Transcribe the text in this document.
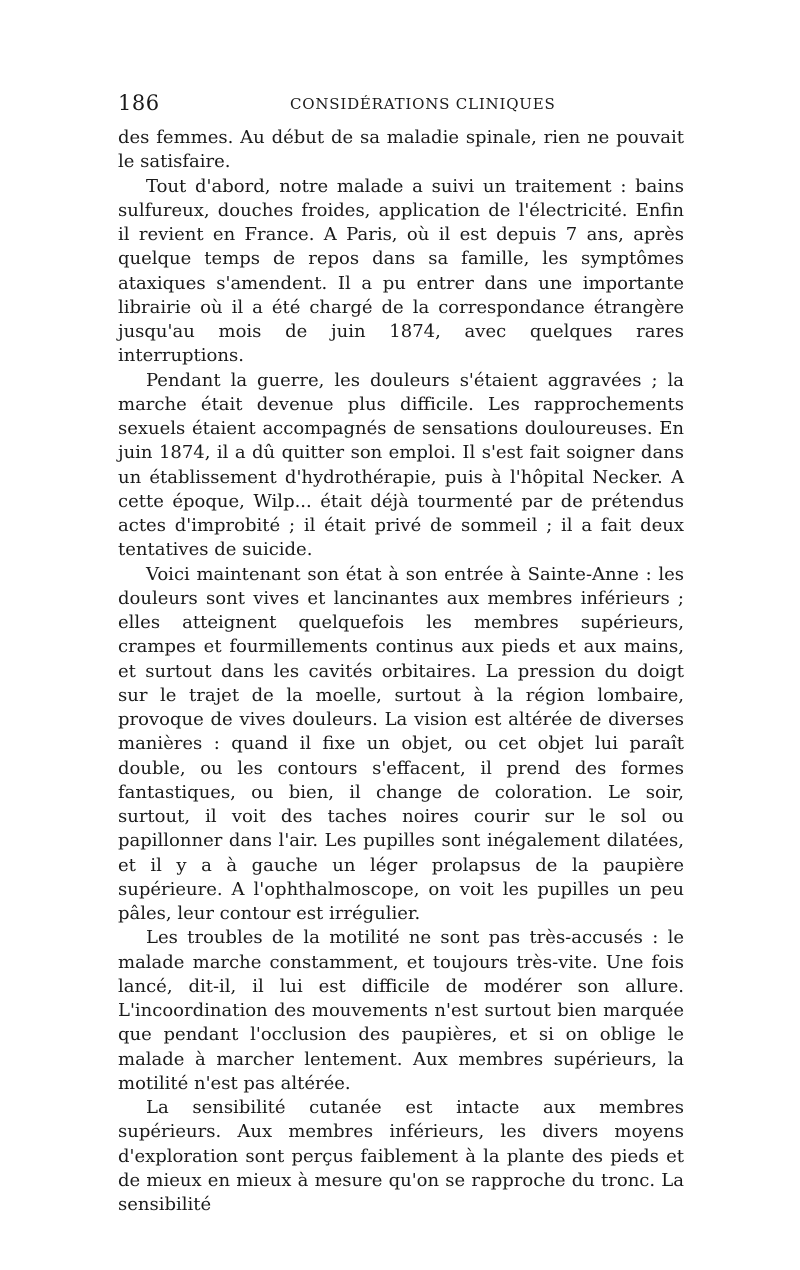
186	CONSIDÉRATIONS CLINIQUES

des femmes. Au début de sa maladie spinale, rien ne pouvait le satisfaire.

Tout d'abord, notre malade a suivi un traitement : bains sulfureux, douches froides, application de l'électricité. Enfin il revient en France. A Paris, où il est depuis 7 ans, après quelque temps de repos dans sa famille, les symptômes ataxiques s'amendent. Il a pu entrer dans une importante librairie où il a été chargé de la correspondance étrangère jusqu'au mois de juin 1874, avec quelques rares interruptions.

Pendant la guerre, les douleurs s'étaient aggravées ; la marche était devenue plus difficile. Les rapprochements sexuels étaient accompagnés de sensations douloureuses. En juin 1874, il a dû quitter son emploi. Il s'est fait soigner dans un établissement d'hydrothérapie, puis à l'hôpital Necker. A cette époque, Wilp... était déjà tourmenté par de prétendus actes d'improbité ; il était privé de sommeil ; il a fait deux tentatives de suicide.

Voici maintenant son état à son entrée à Sainte-Anne : les douleurs sont vives et lancinantes aux membres inférieurs ; elles atteignent quelquefois les membres supérieurs, crampes et fourmillements continus aux pieds et aux mains, et surtout dans les cavités orbitaires. La pression du doigt sur le trajet de la moelle, surtout à la région lombaire, provoque de vives douleurs. La vision est altérée de diverses manières : quand il fixe un objet, ou cet objet lui paraît double, ou les contours s'effacent, il prend des formes fantastiques, ou bien, il change de coloration. Le soir, surtout, il voit des taches noires courir sur le sol ou papillonner dans l'air. Les pupilles sont inégalement dilatées, et il y a à gauche un léger prolapsus de la paupière supérieure. A l'ophthalmoscope, on voit les pupilles un peu pâles, leur contour est irrégulier.

Les troubles de la motilité ne sont pas très-accusés : le malade marche constamment, et toujours très-vite. Une fois lancé, dit-il, il lui est difficile de modérer son allure. L'incoordination des mouvements n'est surtout bien marquée que pendant l'occlusion des paupières, et si on oblige le malade à marcher lentement. Aux membres supérieurs, la motilité n'est pas altérée.

La sensibilité cutanée est intacte aux membres supérieurs. Aux membres inférieurs, les divers moyens d'exploration sont perçus faiblement à la plante des pieds et de mieux en mieux à mesure qu'on se rapproche du tronc. La sensibilité
